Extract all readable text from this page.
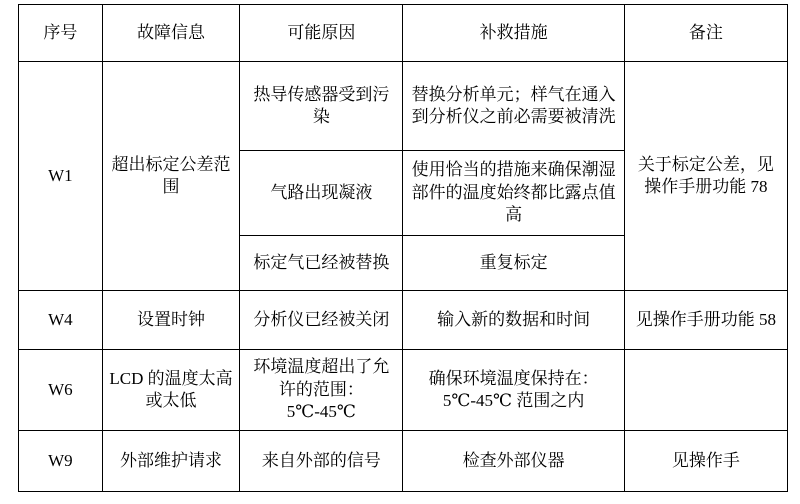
序号	故障信息	可能原因	补救措施	备注
W1	超出标定公差范围	热导传感器受到污染	替换分析单元；样气在通入到分析仪之前必需要被清洗	关于标定公差，见操作手册功能 78
		气路出现凝液	使用恰当的措施来确保潮湿部件的温度始终都比露点值高	
		标定气已经被替换	重复标定	
W4	设置时钟	分析仪已经被关闭	输入新的数据和时间	见操作手册功能 58
W6	LCD 的温度太高或太低	环境温度超出了允许的范围：5℃-45℃	确保环境温度保持在：5℃-45℃ 范围之内	
W9	外部维护请求	来自外部的信号	检查外部仪器	见操作手
